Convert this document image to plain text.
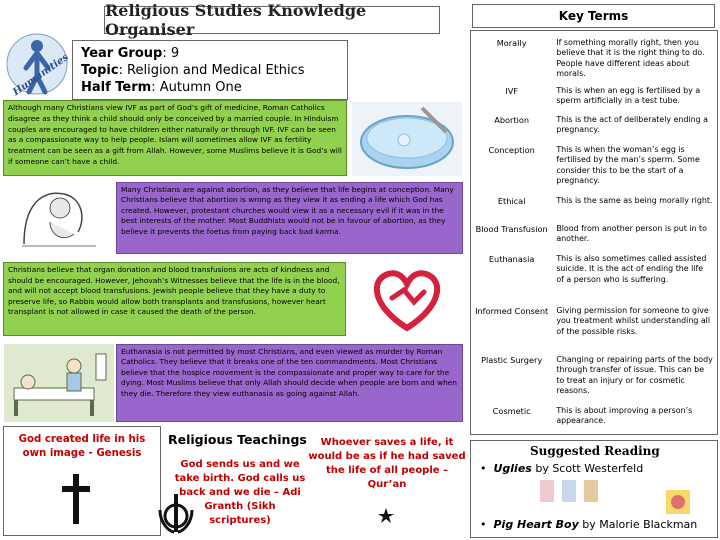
Religious Studies Knowledge Organiser
Humanities Year Group: 9
Topic: Religion and Medical Ethics
Half Term: Autumn One
Although many Christians view IVF as part of God’s gift of medicine, Roman Catholics disagree as they think a child should only be conceived by a married couple. In Hinduism couples are encouraged to have children either naturally or through IVF. IVF can be seen as a compassionate way to help people. Islam will sometimes allow IVF as fertility treatment can be seen as a gift from Allah. However, some Muslims believe it is God’s will if someone can’t have a child.
Many Christians are against abortion, as they believe that life begins at conception. Many Christians believe that abortion is wrong as they view it as ending a life which God has created. However, protestant churches would view it as a necessary evil if it was in the best interests of the mother. Most Buddhists would not be in favour of abortion, as they believe it prevents the foetus from paying back bad karma.
Christians believe that organ donation and blood transfusions are acts of kindness and should be encouraged. However, Jehovah’s Witnesses believe that the life is in the blood, and will not accept blood transfusions. Jewish people believe that they have a duty to preserve life, so Rabbis would allow both transplants and transfusions, however heart transplant is not allowed in case it caused the death of the person.
Euthanasia is not permitted by most Christians, and even viewed as murder by Roman Catholics. They believe that it breaks one of the ten commandments. Most Christians believe that the hospice movement is the compassionate and proper way to care for the dying. Most Muslims believe that only Allah should decide when people are born and when they die. Therefore they view euthanasia as going against Allah.
God created life in his own image - Genesis
Religious Teachings
God sends us and we take birth. God calls us back and we die – Adi Granth (Sikh scriptures)
Whoever saves a life, it would be as if he had saved the life of all people – Qur’an
Key Terms
Morally	If something morally right, then you believe that it is the right thing to do. People have different ideas about morals.
IVF	This is when an egg is fertilised by a sperm artificially in a test tube.
Abortion	This is the act of deliberately ending a pregnancy.
Conception	This is when the woman’s egg is fertilised by the man’s sperm. Some consider this to be the start of a pregnancy.
Ethical	This is the same as being morally right.
Blood Transfusion	Blood from another person is put in to another.
Euthanasia	This is also sometimes called assisted suicide. It is the act of ending the life of a person who is suffering.
Informed Consent	Giving permission for someone to give you treatment whilst understanding all of the possible risks.
Plastic Surgery	Changing or repairing parts of the body through transfer of issue. This can be to treat an injury or for cosmetic reasons.
Cosmetic	This is about improving a person’s appearance.
Suggested Reading
•  Uglies by Scott Westerfeld
•  Pig Heart Boy by Malorie Blackman
